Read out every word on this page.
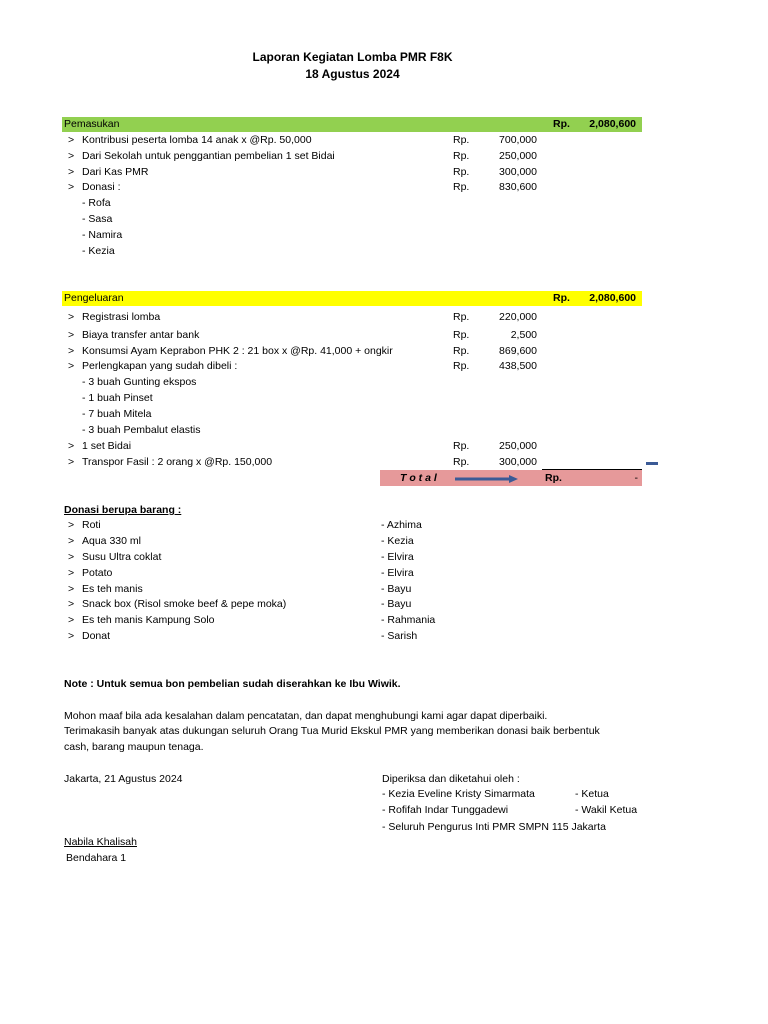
Laporan Kegiatan Lomba PMR F8K
18 Agustus 2024
Pemasukan	Rp.	2,080,600
> Kontribusi peserta lomba 14 anak x @Rp. 50,000	Rp.	700,000
> Dari Sekolah untuk penggantian pembelian 1 set Bidai	Rp.	250,000
> Dari Kas PMR	Rp.	300,000
> Donasi :	Rp.	830,600
- Rofa
- Sasa
- Namira
- Kezia
Pengeluaran	Rp.	2,080,600
> Registrasi lomba	Rp.	220,000
> Biaya transfer antar bank	Rp.	2,500
> Konsumsi Ayam Keprabon PHK 2 : 21 box x @Rp. 41,000 + ongkir	Rp.	869,600
> Perlengkapan yang sudah dibeli :	Rp.	438,500
- 3 buah Gunting ekspos
- 1 buah Pinset
- 7 buah Mitela
- 3 buah Pembalut elastis
> 1 set Bidai	Rp.	250,000
> Transpor Fasil : 2 orang x @Rp. 150,000	Rp.	300,000
T o t a l	Rp.	-
Donasi berupa barang :
> Roti	- Azhima
> Aqua 330 ml	- Kezia
> Susu Ultra coklat	- Elvira
> Potato	- Elvira
> Es teh manis	- Bayu
> Snack box (Risol smoke beef & pepe moka)	- Bayu
> Es teh manis Kampung Solo	- Rahmania
> Donat	- Sarish
Note : Untuk semua bon pembelian sudah diserahkan ke Ibu Wiwik.
Mohon maaf bila ada kesalahan dalam pencatatan, dan dapat menghubungi kami agar dapat diperbaiki.
Terimakasih banyak atas dukungan seluruh Orang Tua Murid Ekskul PMR yang memberikan donasi baik berbentuk
cash, barang maupun tenaga.
Jakarta, 21 Agustus 2024	Diperiksa dan diketahui oleh :
- Kezia Eveline Kristy Simarmata	- Ketua
- Rofifah Indar Tunggadewi	- Wakil Ketua
- Seluruh Pengurus Inti PMR SMPN 115 Jakarta
Nabila Khalisah
Bendahara 1
